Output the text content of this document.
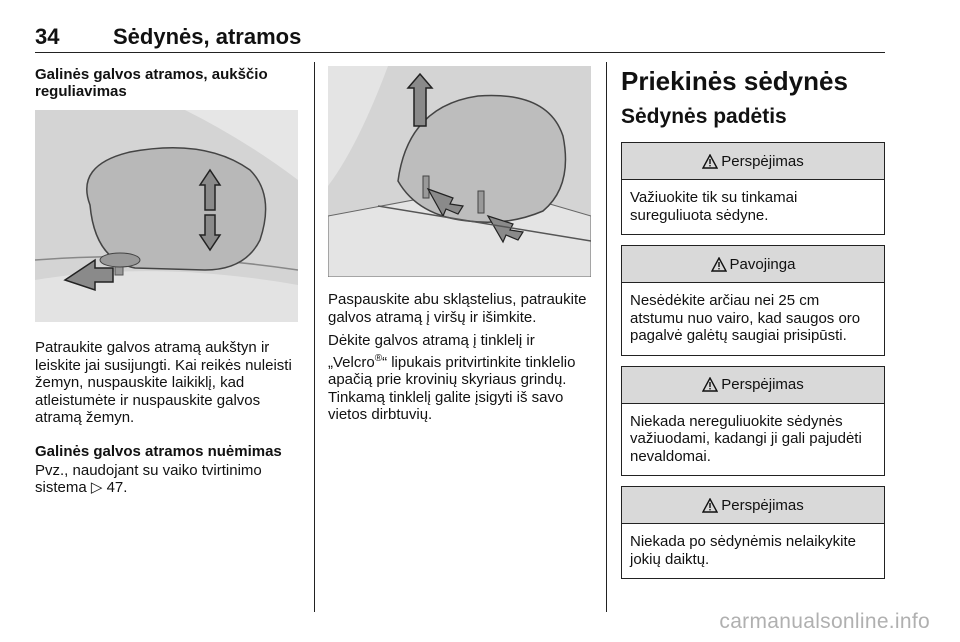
34 Sėdynės, atramos

Galinės galvos atramos, aukščio reguliavimas

Patraukite galvos atramą aukštyn ir leiskite jai susijungti. Kai reikės nuleisti žemyn, nuspauskite laikiklį, kad atleistumėte ir nuspauskite galvos atramą žemyn.

Galinės galvos atramos nuėmimas

Pvz., naudojant su vaiko tvirtinimo sistema ▷ 47.

Paspauskite abu skląstelius, patraukite galvos atramą į viršų ir išimkite.

Dėkite galvos atramą į tinklelį ir „Velcro®“ lipukais pritvirtinkite tinklelio apačią prie krovinių skyriaus grindų. Tinkamą tinklelį galite įsigyti iš savo vietos dirbtuvių.

Priekinės sėdynės

Sėdynės padėtis

Perspėjimas
Važiuokite tik su tinkamai sureguliuota sėdyne.
Pavojinga
Nesėdėkite arčiau nei 25 cm atstumu nuo vairo, kad saugos oro pagalvė galėtų saugiai prisipūsti.
Perspėjimas
Niekada nereguliuokite sėdynės važiuodami, kadangi ji gali pajudėti nevaldomai.
Perspėjimas
Niekada po sėdynėmis nelaikykite jokių daiktų.
carmanualsonline.info
